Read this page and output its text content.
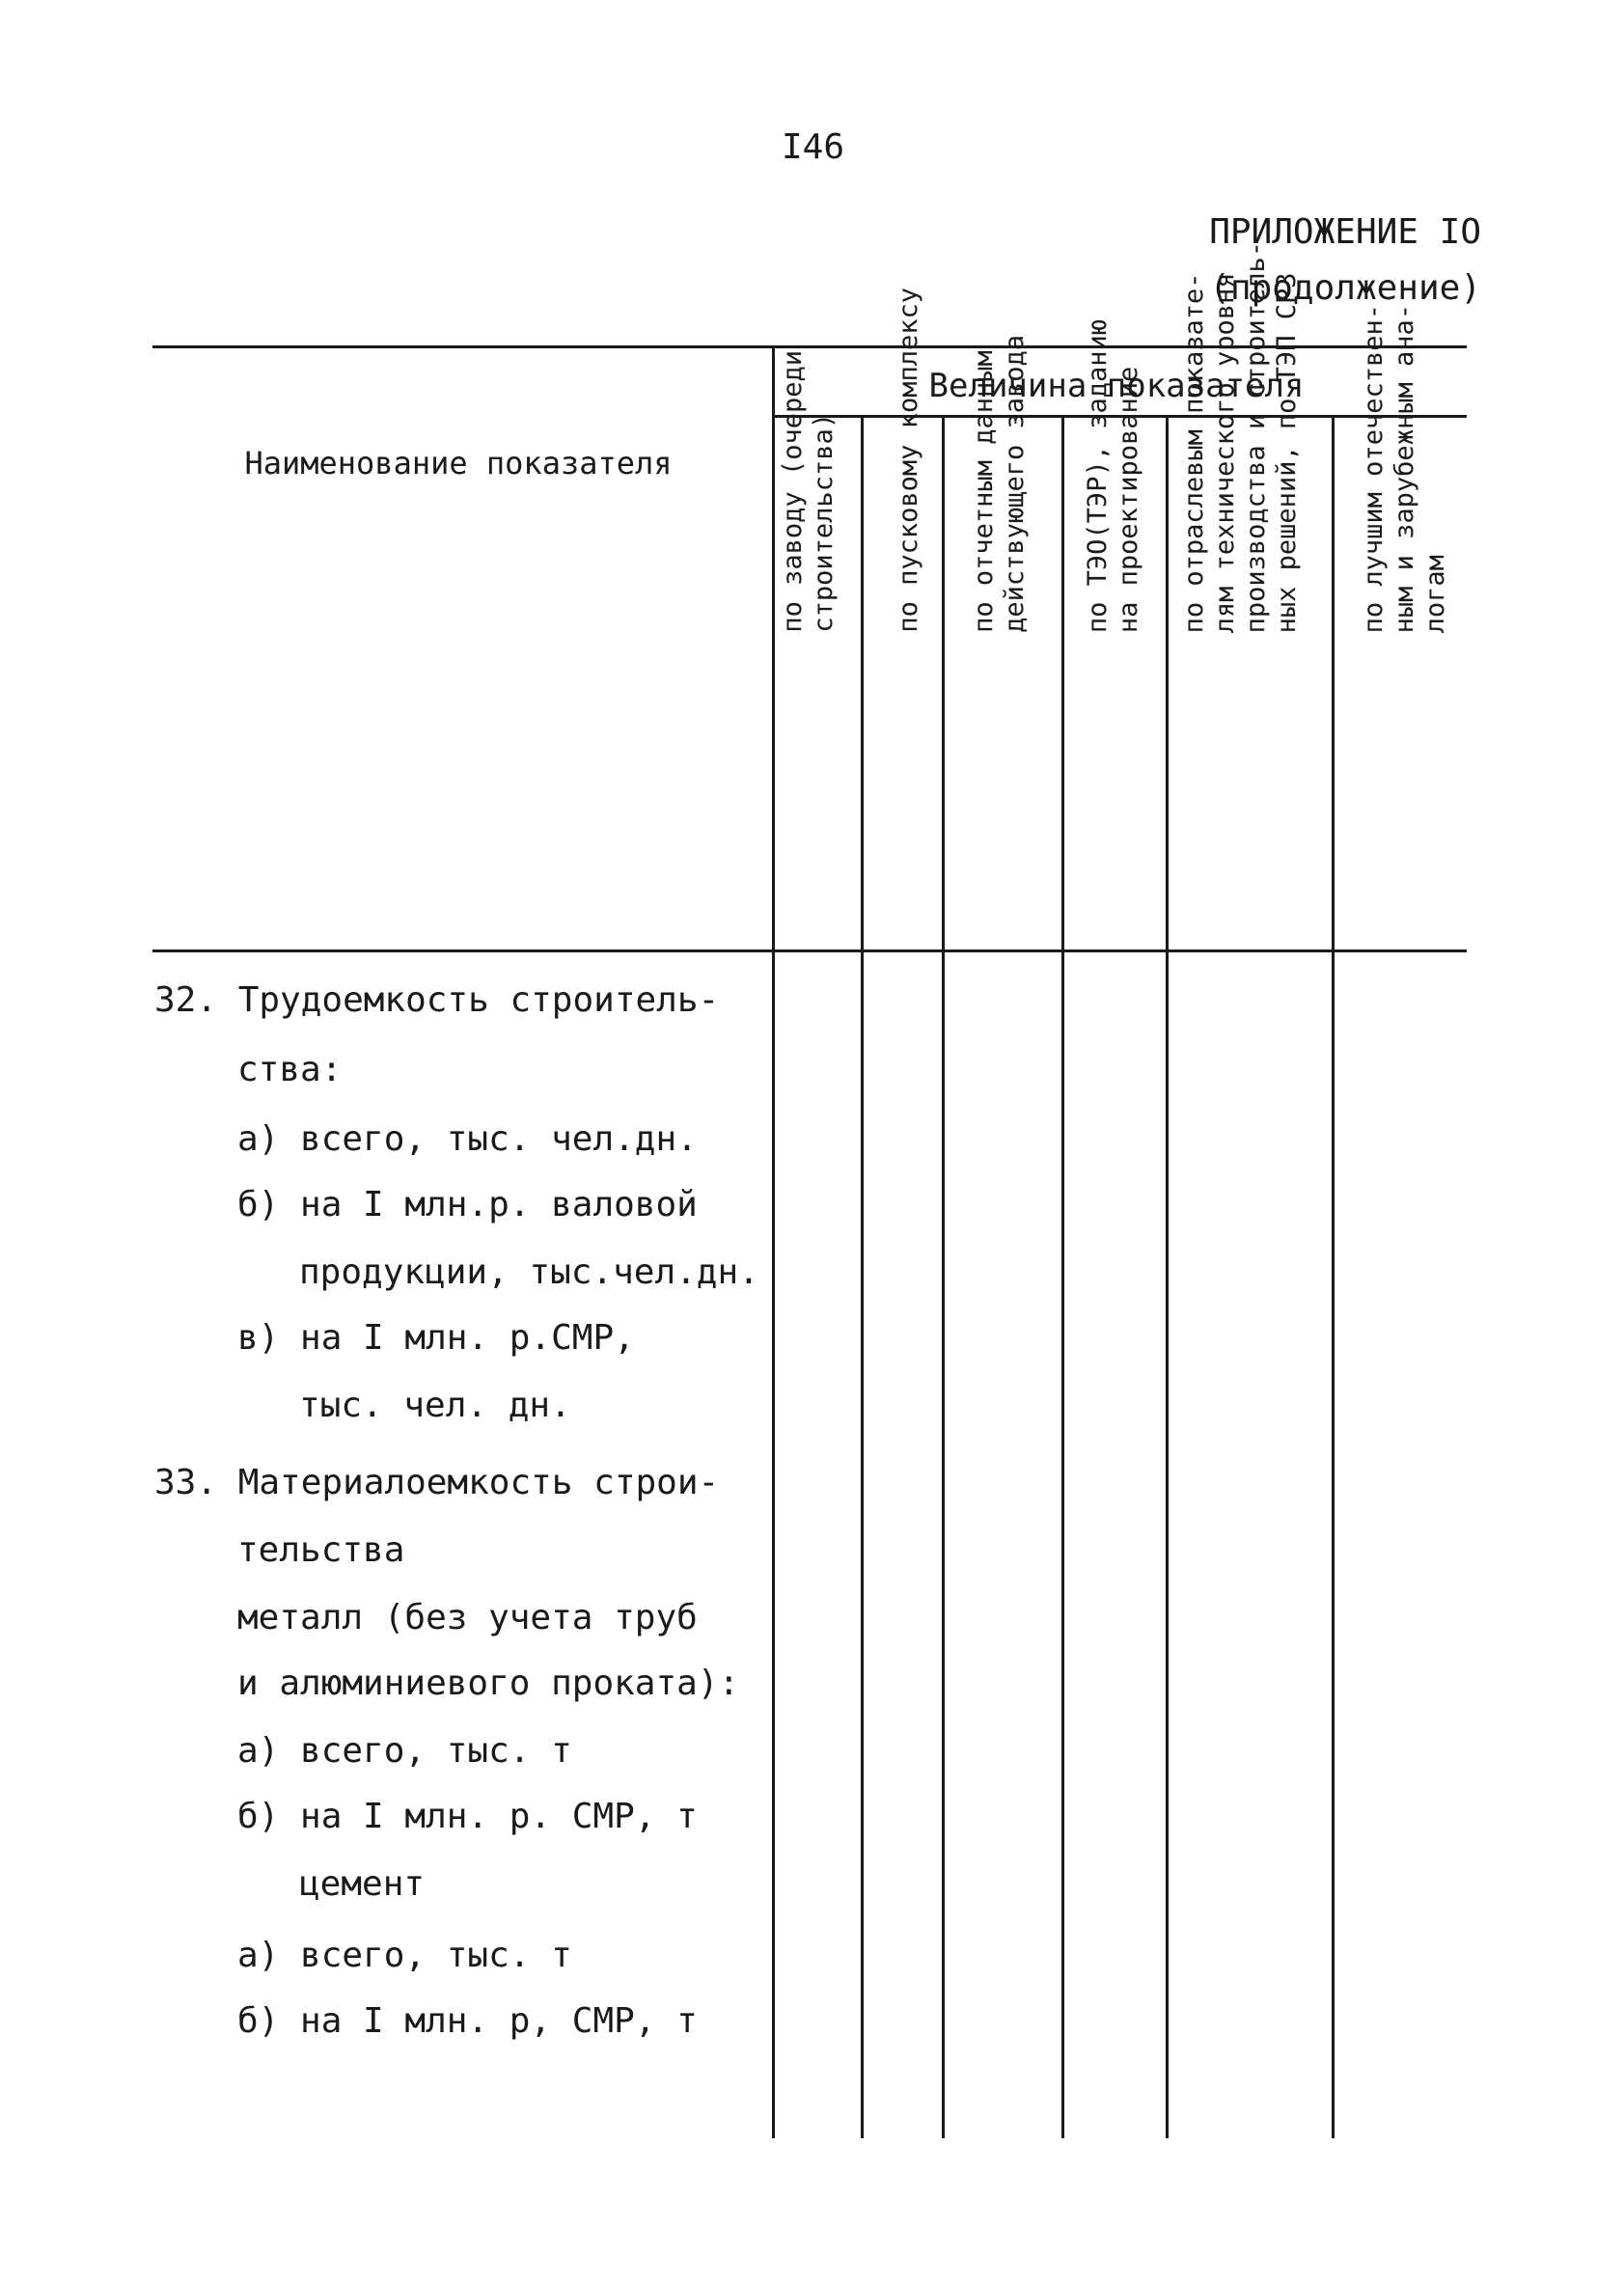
I46
ПРИЛОЖЕНИЕ IO
(продолжение)
Наименование показателя
Величина показателя
по заводу (очереди
строительства) по пусковому комплексу по отчетным данным
действующего завода
по ТЭО(ТЭР), заданию
на проектирование
по отраслевым показате-
лям технического уровня
производства и строитель-
ных решений, по ТЭП СРЗ
по лучшим отечествен-
ным и зарубежным ана-
логам
32. Трудоемкость строитель-
ства:
а) всего, тыс. чел.дн.
б) на I млн.р. валовой
продукции, тыс.чел.дн.
в) на I млн. р.СМР,
тыс. чел. дн.
33. Материалоемкость строи-
тельства
металл (без учета труб
и алюминиевого проката):
а) всего, тыс. т
б) на I млн. р. СМР, т
цемент
а) всего, тыс. т
б) на I млн. р, СМР, т
